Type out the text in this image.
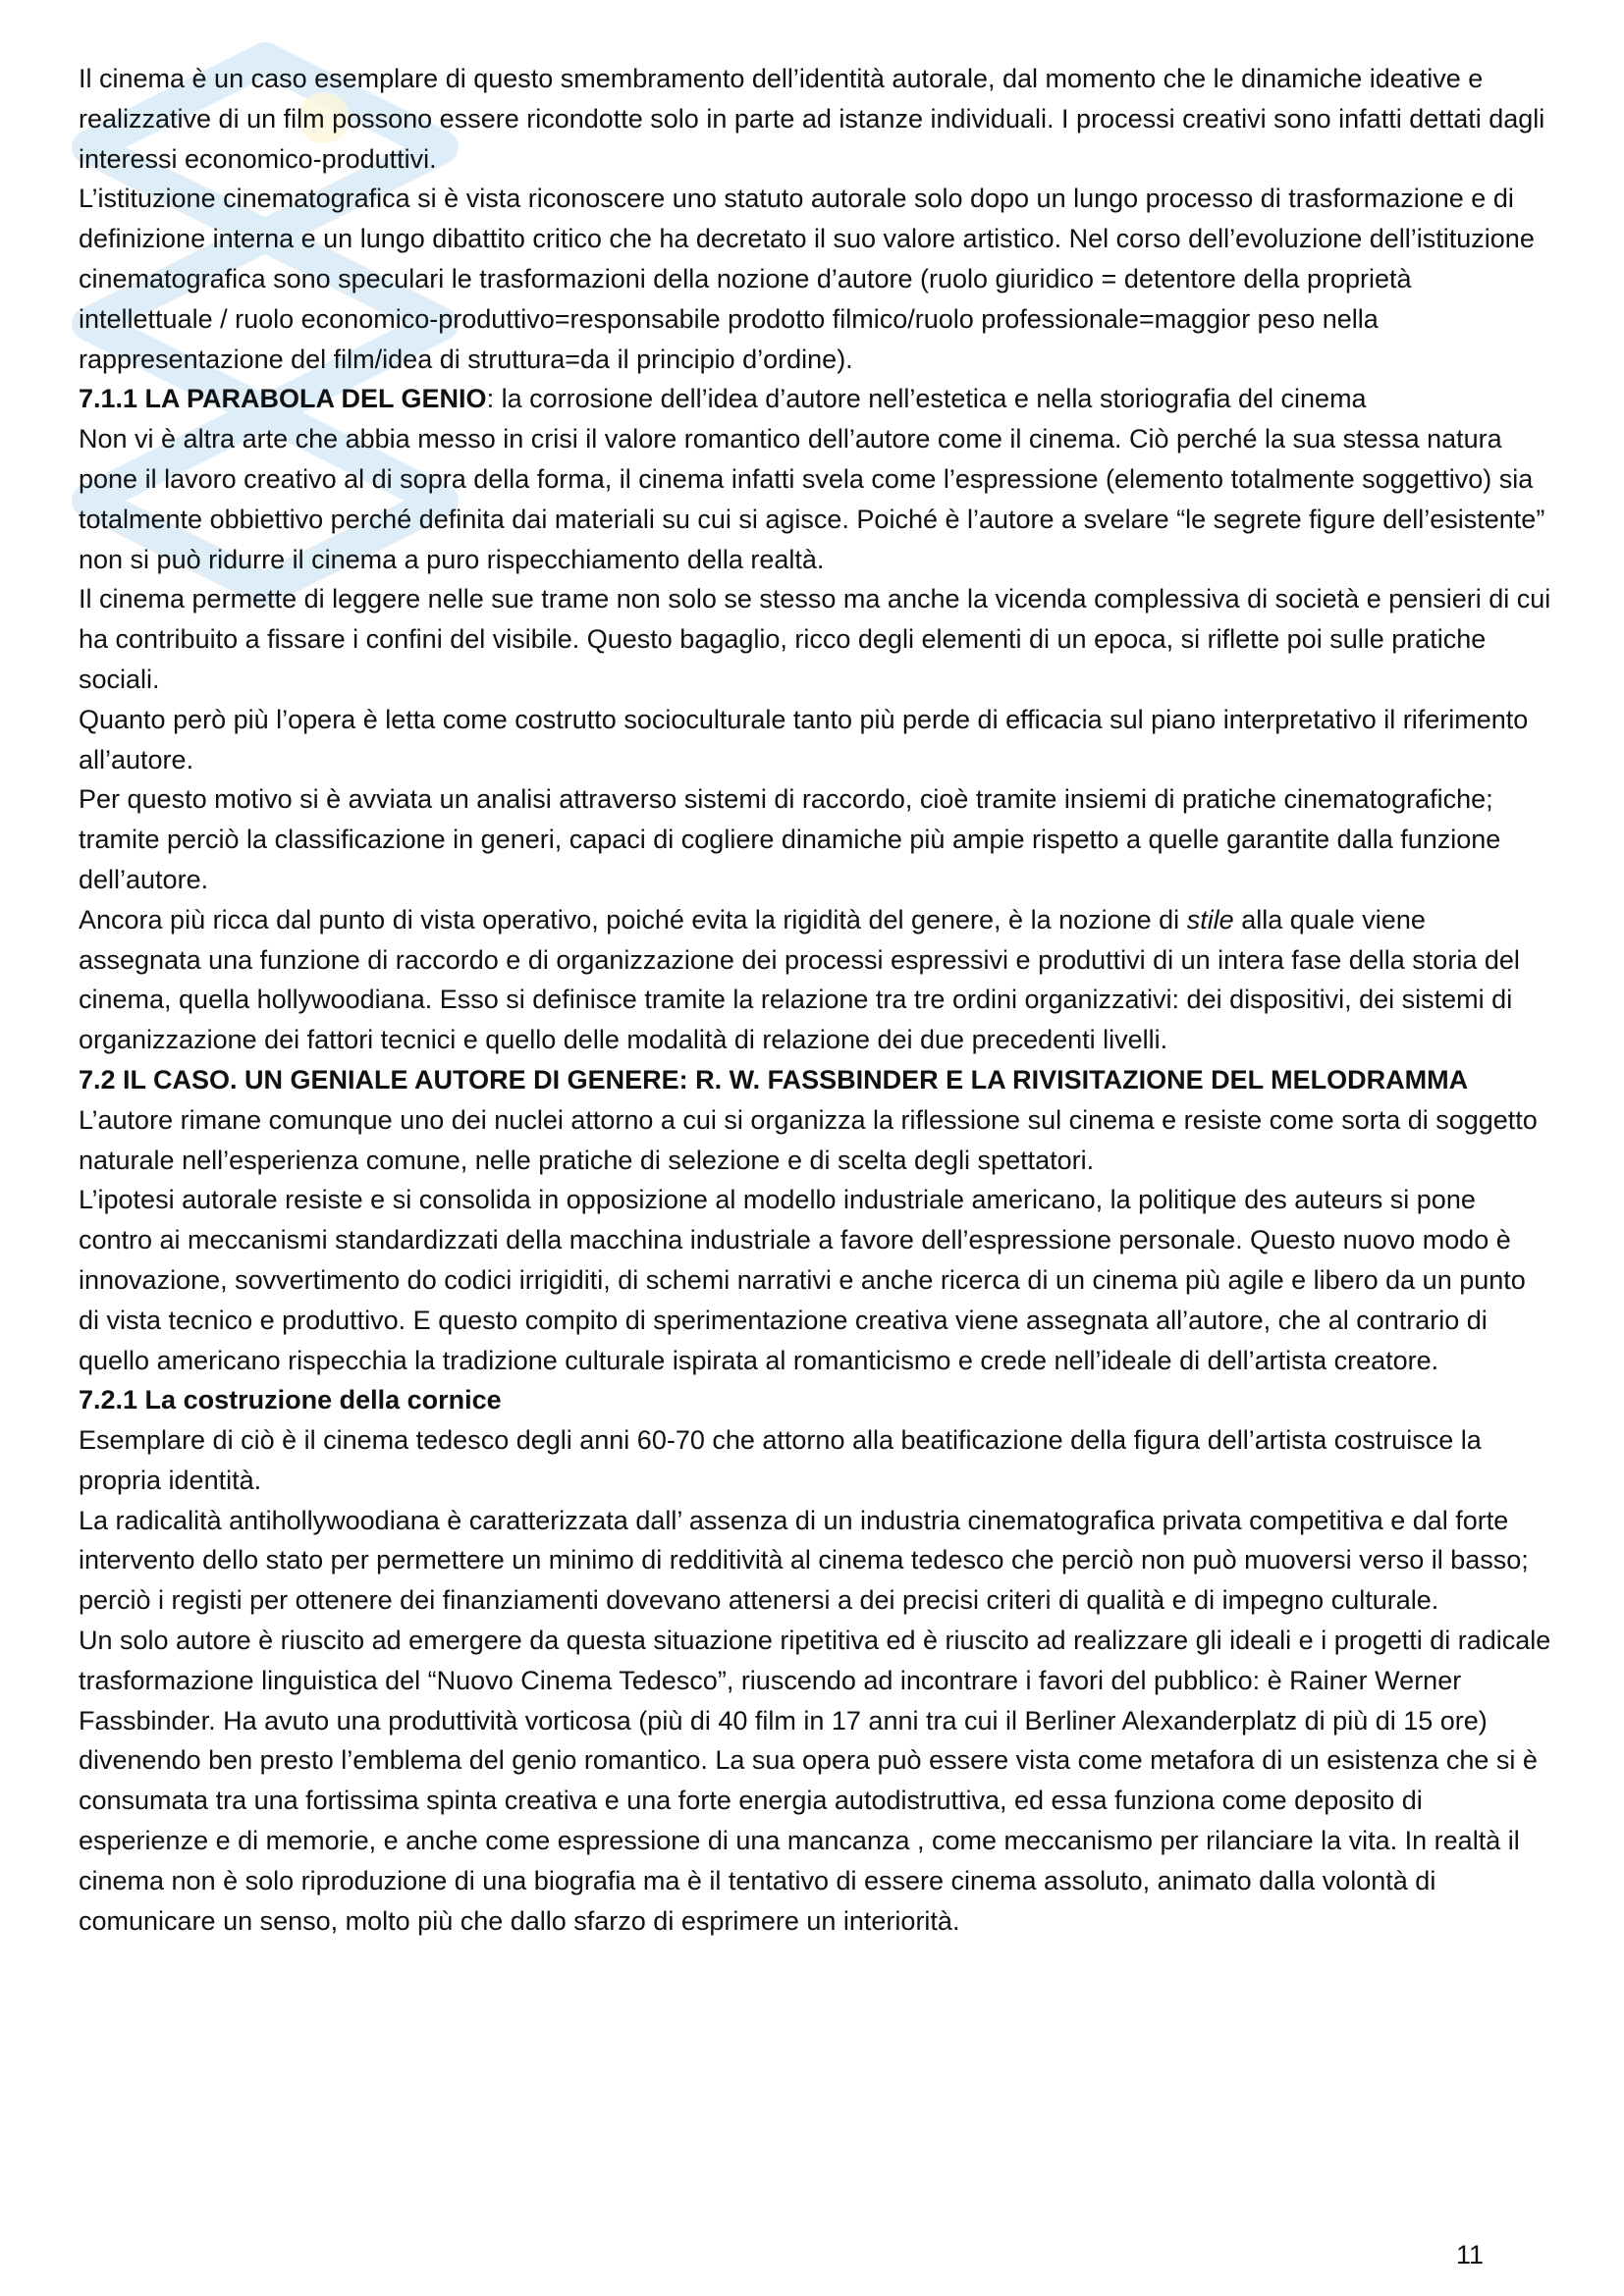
Il cinema è un caso esemplare di questo smembramento dell’identità autorale, dal momento che le dinamiche ideative e realizzative di un film possono essere ricondotte solo in parte ad istanze individuali. I processi creativi sono infatti dettati dagli interessi economico-produttivi.

L’istituzione cinematografica si è vista riconoscere uno statuto autorale solo dopo un lungo processo di trasformazione e di definizione interna e un lungo dibattito critico che ha decretato il suo valore artistico. Nel corso dell’evoluzione dell’istituzione cinematografica sono speculari le trasformazioni della nozione d’autore (ruolo giuridico = detentore della proprietà intellettuale / ruolo economico-produttivo=responsabile prodotto filmico/ruolo professionale=maggior peso nella rappresentazione del film/idea di struttura=da il principio d’ordine).

7.1.1 LA PARABOLA DEL GENIO: la corrosione dell’idea d’autore nell’estetica e nella storiografia del cinema

Non vi è altra arte che abbia messo in crisi il valore romantico dell’autore come il cinema. Ciò perché la sua stessa natura pone il lavoro creativo al di sopra della forma, il cinema infatti svela come l’espressione (elemento totalmente soggettivo) sia totalmente obbiettivo perché definita dai materiali su cui si agisce. Poiché è l’autore a svelare “le segrete figure dell’esistente” non si può ridurre il cinema a puro rispecchiamento della realtà.

Il cinema permette di leggere nelle sue trame non solo se stesso ma anche la vicenda complessiva di società e pensieri di cui ha contribuito a fissare i confini del visibile. Questo bagaglio, ricco degli elementi di un epoca, si riflette poi sulle pratiche sociali.

Quanto però più l’opera è letta come costrutto socioculturale tanto più perde di efficacia sul piano interpretativo il riferimento all’autore.

Per questo motivo si è avviata un analisi attraverso sistemi di raccordo, cioè tramite insiemi di pratiche cinematografiche; tramite perciò la classificazione in generi, capaci di cogliere dinamiche più ampie rispetto a quelle garantite dalla funzione dell’autore.

Ancora più ricca dal punto di vista operativo, poiché evita la rigidità del genere, è la nozione di stile alla quale viene assegnata una funzione di raccordo e di organizzazione dei processi espressivi e produttivi di un intera fase della storia del cinema, quella hollywoodiana. Esso si definisce tramite la relazione tra tre ordini organizzativi: dei dispositivi, dei sistemi di organizzazione dei fattori tecnici e quello delle modalità di relazione dei due precedenti livelli.

7.2 IL CASO. UN GENIALE AUTORE DI GENERE: R. W. FASSBINDER E LA RIVISITAZIONE DEL MELODRAMMA

L’autore rimane comunque uno dei nuclei attorno a cui si organizza la riflessione sul cinema e resiste come sorta di soggetto naturale nell’esperienza comune, nelle pratiche di selezione e di scelta degli spettatori.

L’ipotesi autorale resiste e si consolida in opposizione al modello industriale americano, la politique des auteurs si pone contro ai meccanismi standardizzati della macchina industriale a favore dell’espressione personale. Questo nuovo modo è innovazione, sovvertimento do codici irrigiditi, di schemi narrativi e anche ricerca di un cinema più agile e libero da un punto di vista tecnico e produttivo. E questo compito di sperimentazione creativa viene assegnata all’autore, che al contrario di quello americano rispecchia la tradizione culturale ispirata al romanticismo e crede nell’ideale di dell’artista creatore.

7.2.1 La costruzione della cornice

Esemplare di ciò è il cinema tedesco degli anni 60-70 che attorno alla beatificazione della figura dell’artista costruisce la propria identità.

La radicalità antihollywoodiana è caratterizzata dall’ assenza di un industria cinematografica privata competitiva e dal forte intervento dello stato per permettere un minimo di redditività al cinema tedesco che perciò non può muoversi verso il basso; perciò i registi per ottenere dei finanziamenti dovevano attenersi a dei precisi criteri di qualità e di impegno culturale.

Un solo autore è riuscito ad emergere da questa situazione ripetitiva ed è riuscito ad realizzare gli ideali e i progetti di radicale trasformazione linguistica del “Nuovo Cinema Tedesco”, riuscendo ad incontrare i favori del pubblico: è Rainer Werner Fassbinder. Ha avuto una produttività vorticosa (più di 40 film in 17 anni tra cui il Berliner Alexanderplatz di più di 15 ore) divenendo ben presto l’emblema del genio romantico. La sua opera può essere vista come metafora di un esistenza che si è consumata tra una fortissima spinta creativa e una forte energia autodistruttiva, ed essa funziona come deposito di esperienze e di memorie, e anche come espressione di una mancanza , come meccanismo per rilanciare la vita. In realtà il cinema non è solo riproduzione di una biografia ma è il tentativo di essere cinema assoluto, animato dalla volontà di comunicare un senso, molto più che dallo sfarzo di esprimere un interiorità.

11
